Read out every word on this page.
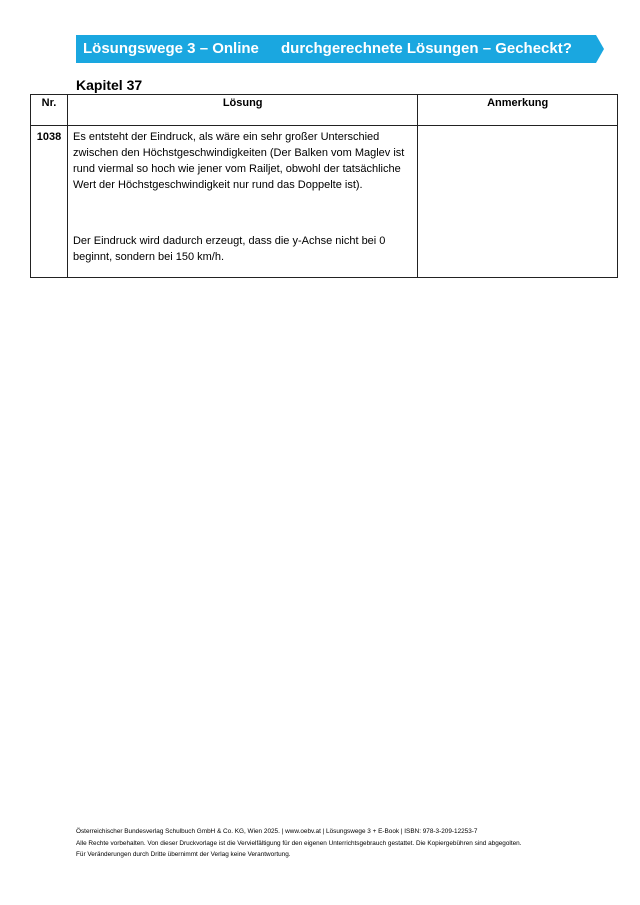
Lösungswege 3 – Online durchgerechnete Lösungen – Gecheckt?
Kapitel 37
Nr.	Lösung	Anmerkung
1038	Es entsteht der Eindruck, als wäre ein sehr großer Unterschied zwischen den Höchstgeschwindigkeiten (Der Balken vom Maglev ist rund viermal so hoch wie jener vom Railjet, obwohl der tatsächliche Wert der Höchstgeschwindigkeit nur rund das Doppelte ist).

Der Eindruck wird dadurch erzeugt, dass die y-Achse nicht bei 0 beginnt, sondern bei 150 km/h.	

Österreichischer Bundesverlag Schulbuch GmbH & Co. KG, Wien 2025. | www.oebv.at | Lösungswege 3 + E-Book | ISBN: 978-3-209-12253-7
Alle Rechte vorbehalten. Von dieser Druckvorlage ist die Vervielfältigung für den eigenen Unterrichtsgebrauch gestattet. Die Kopiergebühren sind abgegolten.
Für Veränderungen durch Dritte übernimmt der Verlag keine Verantwortung.
